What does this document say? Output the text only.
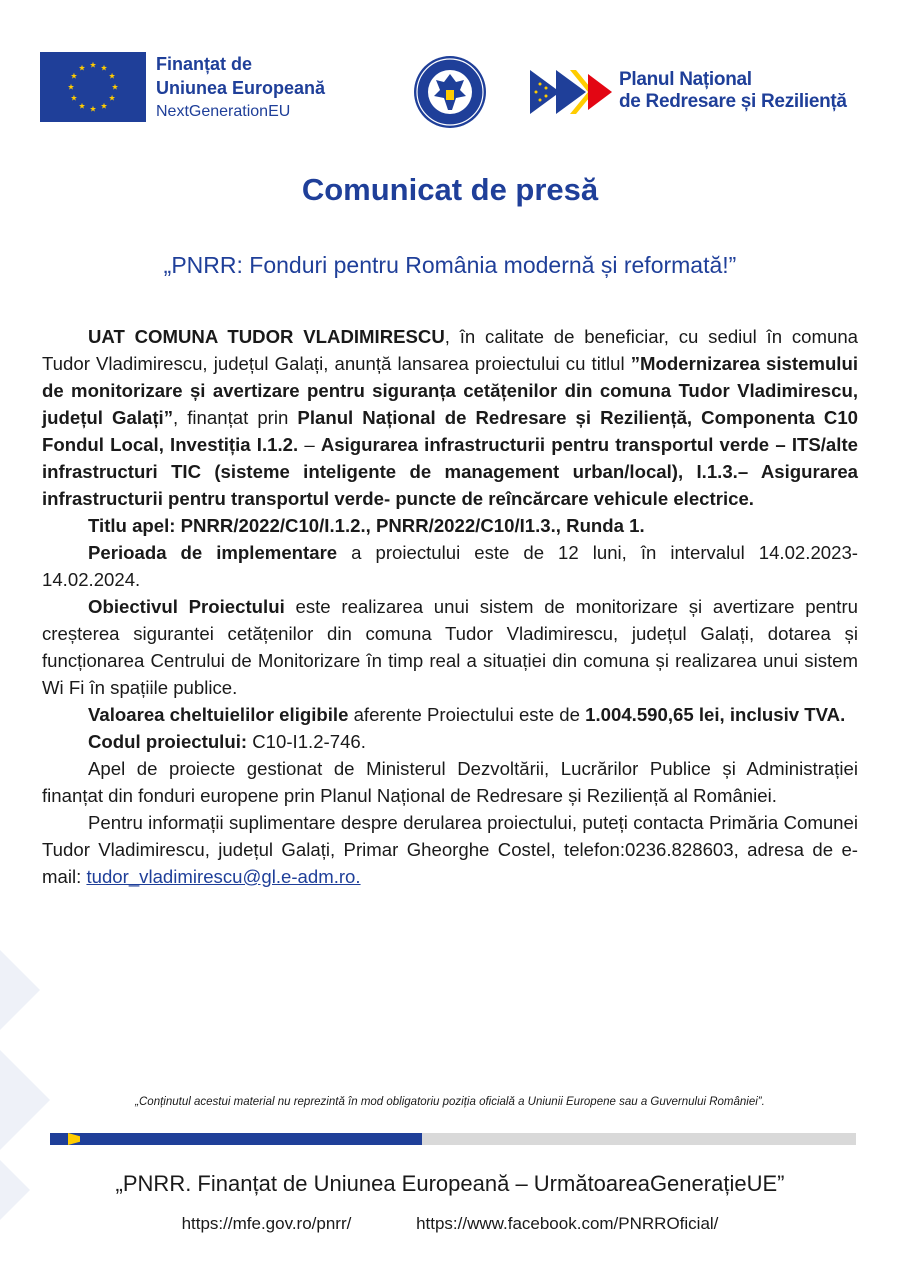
Finanțat de
Uniunea Europeană
NextGenerationEU
Planul Național
de Redresare și Reziliență
Comunicat de presă
„PNRR: Fonduri pentru România modernă și reformată!”

UAT COMUNA TUDOR VLADIMIRESCU, în calitate de beneficiar, cu sediul în comuna Tudor Vladimirescu, județul Galați, anunță lansarea proiectului cu titlul ”Modernizarea sistemului de monitorizare și avertizare pentru siguranța cetățenilor din comuna Tudor Vladimirescu, județul Galați”, finanțat prin Planul Național de Redresare și Reziliență, Componenta C10 Fondul Local, Investiția I.1.2. – Asigurarea infrastructurii pentru transportul verde – ITS/alte infrastructuri TIC (sisteme inteligente de management urban/local), I.1.3.– Asigurarea infrastructurii pentru transportul verde- puncte de reîncărcare vehicule electrice.

Titlu apel: PNRR/2022/C10/I.1.2., PNRR/2022/C10/I1.3., Runda 1.

Perioada de implementare a proiectului este de 12 luni, în intervalul 14.02.2023-14.02.2024.

Obiectivul Proiectului este realizarea unui sistem de monitorizare și avertizare pentru creșterea sigurantei cetățenilor din comuna Tudor Vladimirescu, județul Galați, dotarea și funcționarea Centrului de Monitorizare în timp real a situației din comuna și realizarea unui sistem Wi Fi în spațiile publice.

Valoarea cheltuielilor eligibile aferente Proiectului este de 1.004.590,65 lei, inclusiv TVA.

Codul proiectului: C10-I1.2-746.

Apel de proiecte gestionat de Ministerul Dezvoltării, Lucrărilor Publice și Administrației finanțat din fonduri europene prin Planul Național de Redresare și Reziliență al României.

Pentru informații suplimentare despre derularea proiectului, puteți contacta Primăria Comunei Tudor Vladimirescu, județul Galați, Primar Gheorghe Costel, telefon:0236.828603, adresa de e-mail: tudor_vladimirescu@gl.e-adm.ro.

„Conținutul acestui material nu reprezintă în mod obligatoriu poziția oficială a Uniunii Europene sau a Guvernului României”.
„PNRR. Finanțat de Uniunea Europeană – UrmătoareaGenerațieUE”
https://mfe.gov.ro/pnrr/	https://www.facebook.com/PNRROficial/
